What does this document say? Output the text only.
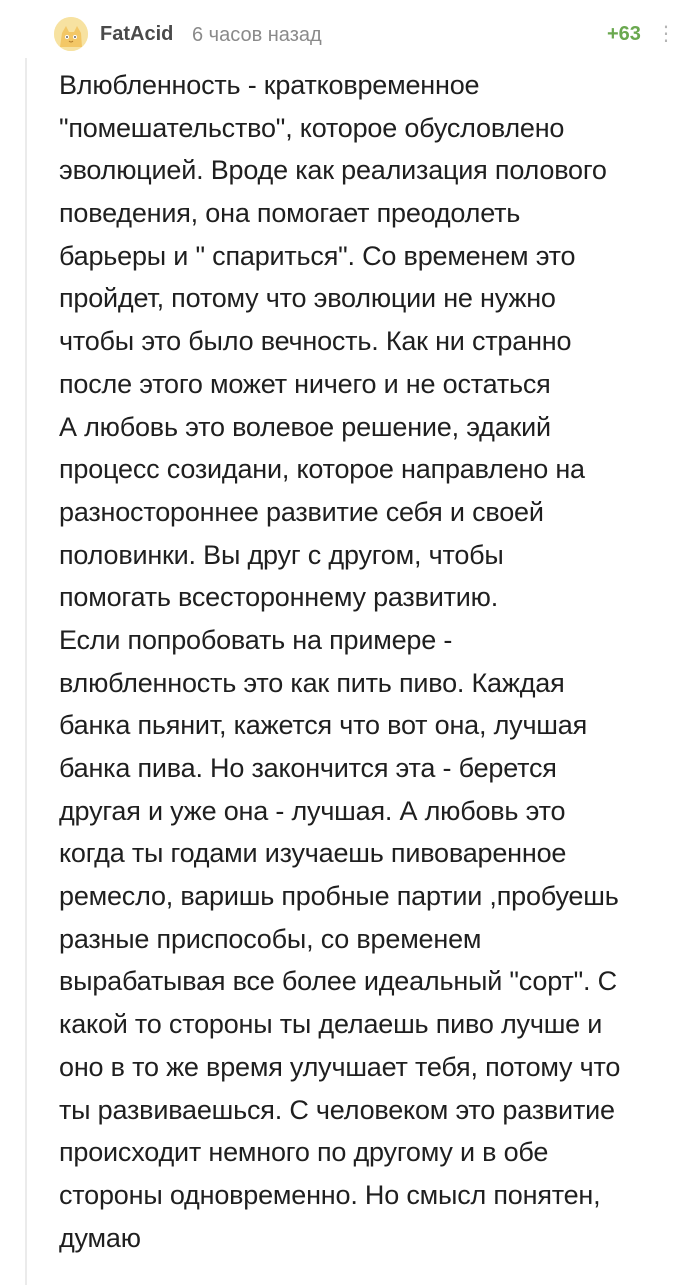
FatAcid 6 часов назад	+63 ⋮
Влюбленность - кратковременное
"помешательство", которое обусловлено
эволюцией. Вроде как реализация полового
поведения, она помогает преодолеть
барьеры и " спариться". Со временем это
пройдет, потому что эволюции не нужно
чтобы это было вечность. Как ни странно
после этого может ничего и не остаться
А любовь это волевое решение, эдакий
процесс созидани, которое направлено на
разностороннее развитие себя и своей
половинки. Вы друг с другом, чтобы
помогать всестороннему развитию.
Если попробовать на примере -
влюбленность это как пить пиво. Каждая
банка пьянит, кажется что вот она, лучшая
банка пива. Но закончится эта - берется
другая и уже она - лучшая. А любовь это
когда ты годами изучаешь пивоваренное
ремесло, варишь пробные партии ,пробуешь
разные приспособы, со временем
вырабатывая все более идеальный "сорт". С
какой то стороны ты делаешь пиво лучше и
оно в то же время улучшает тебя, потому что
ты развиваешься. С человеком это развитие
происходит немного по другому и в обе
стороны одновременно. Но смысл понятен,
думаю
